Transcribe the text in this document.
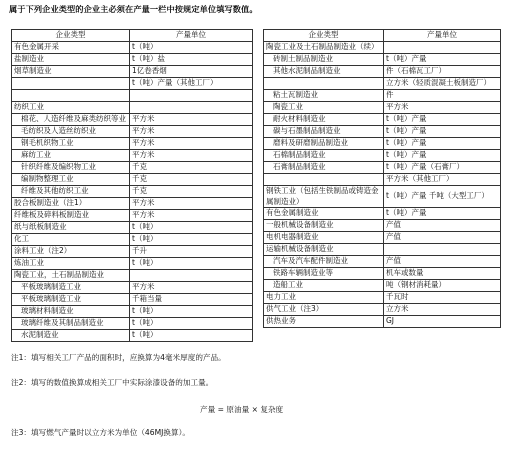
属于下列企业类型的企业主必须在产量一栏中按规定单位填写数值。
企业类型	产量单位
有色金属开采	t（吨）
盐制造业	t（吨）盐
烟草制造业	1亿卷香烟
	t（吨）产量（其他工厂）

纺织工业	
棉花、人造纤维及麻类纺织等业	平方米
毛纺织及人造丝纺织业	平方米
钢毛机织物工业	平方米
麻纺工业	平方米
针织纤维及编织物工业	千克
编制物整理工业	千克
纤维及其他纺织工业	千克
胶合板制造业（注1）	平方米
纤维板及碎料板制造业	平方米
纸与纸板制造业	t（吨）
化工	t（吨）
涂料工业（注2）	千升
炼油工业	t（吨）
陶瓷工业，土石制品制造业	
平板玻璃制造工业	平方米
平板玻璃制造工业	千箱当量
玻璃材料制造业	t（吨）
玻璃纤维及其制品制造业	t（吨）
水泥制造业	t（吨）
企业类型	产量单位
陶瓷工业及土石制品制造业（续）	
砖制土制品制造业	t（吨）产量
其他水泥制品制造业	件（石棉瓦工厂）
	立方米（轻质混凝土板制造厂）
粘土瓦制造业	件
陶瓷工业	平方米
耐火材料制造业	t（吨）产量
碳与石墨制品制造业	t（吨）产量
磨料及研磨制品制造业	t（吨）产量
石棉制品制造业	t（吨）产量
石膏制品制造业	t（吨）产量（石膏厂）
	平方米（其他工厂）
钢铁工业（包括生铁制品或铸造金属制造业）	t（吨）产量 千吨（大型工厂）
有色金属制造业	t（吨）产量
一般机械设备制造业	产值
电机电器制造业	产值
运输机械设备制造业	
汽车及汽车配件制造业	产值
铁路车辆制造业等	机车或数量
造船工业	吨（钢材消耗量）
电力工业	千瓦时
供气工业（注3）	立方米
供热业务	GJ
注1：填写相关工厂产品的面积时，应换算为4毫米厚度的产品。
注2：填写的数值换算成相关工厂中实际涂漆设备的加工量。
产量 = 原油量 × 复杂度
注3：填写燃气产量时以立方米为单位（46MJ换算）。
